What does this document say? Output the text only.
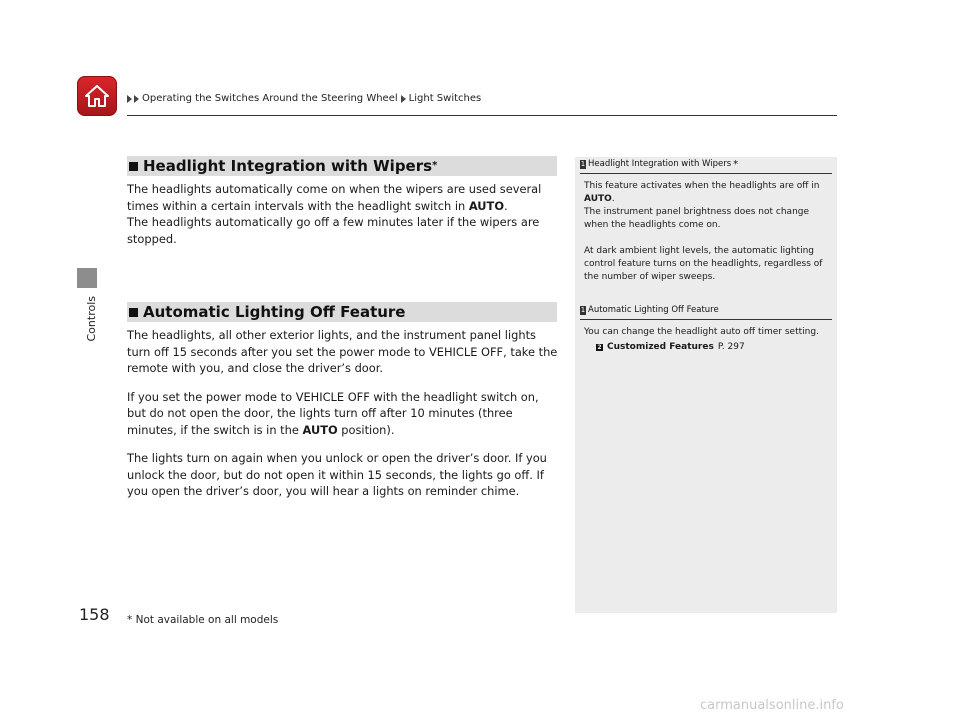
Operating the Switches Around the Steering Wheel Light Switches
Controls
158
Headlight Integration with Wipers *

The headlights automatically come on when the wipers are used several times within a certain intervals with the headlight switch in AUTO.
The headlights automatically go off a few minutes later if the wipers are stopped.

Automatic Lighting Off Feature

The headlights, all other exterior lights, and the instrument panel lights turn off 15 seconds after you set the power mode to VEHICLE OFF, take the remote with you, and close the driver’s door.

If you set the power mode to VEHICLE OFF with the headlight switch on, but do not open the door, the lights turn off after 10 minutes (three minutes, if the switch is in the AUTO position).

The lights turn on again when you unlock or open the driver’s door. If you unlock the door, but do not open it within 15 seconds, the lights go off. If you open the driver’s door, you will hear a lights on reminder chime.

1 Headlight Integration with Wipers *

This feature activates when the headlights are off in AUTO.
The instrument panel brightness does not change when the headlights come on.

At dark ambient light levels, the automatic lighting control feature turns on the headlights, regardless of the number of wiper sweeps.

1 Automatic Lighting Off Feature

You can change the headlight auto off timer setting.

2 Customized Features P. 297
* Not available on all models
carmanualsonline.info
